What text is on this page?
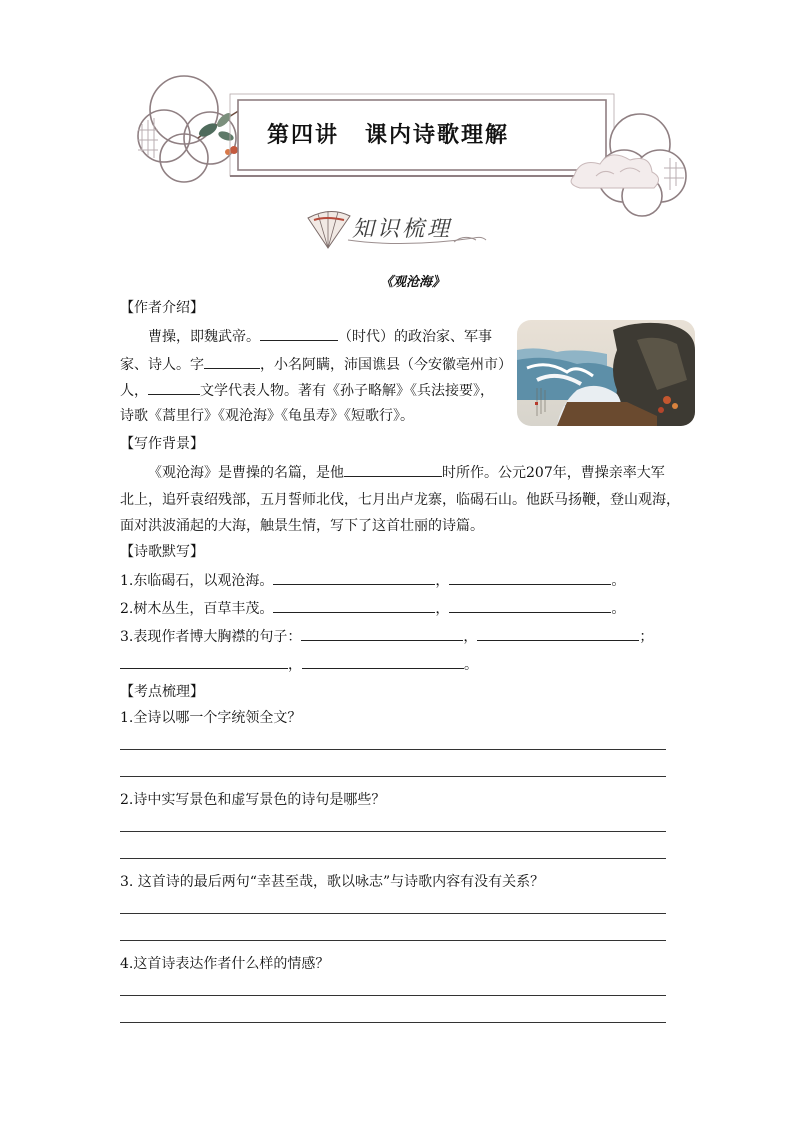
第四讲 课内诗歌理解
知识梳理
《观沧海》
【作者介绍】
曹操，即魏武帝。	（时代）的政治家、军事
家、诗人。字	，小名阿瞒，沛国谯县（今安徽亳州市）
人，	文学代表人物。著有《孙子略解》《兵法接要》，
诗歌《蒿里行》《观沧海》《龟虽寿》《短歌行》。
【写作背景】
《观沧海》是曹操的名篇，是他	时所作。公元207年，曹操亲率大军
北上，追歼袁绍残部，五月誓师北伐，七月出卢龙寨，临碣石山。他跃马扬鞭，登山观海，
面对洪波涌起的大海，触景生情，写下了这首壮丽的诗篇。
【诗歌默写】
1.东临碣石，以观沧海。	，	。
2.树木丛生，百草丰茂。	，	。
3.表现作者博大胸襟的句子：	，	；
，	。
【考点梳理】
1.全诗以哪一个字统领全文？
2.诗中实写景色和虚写景色的诗句是哪些？
3. 这首诗的最后两句“幸甚至哉，歌以咏志”与诗歌内容有没有关系？
4.这首诗表达作者什么样的情感？
